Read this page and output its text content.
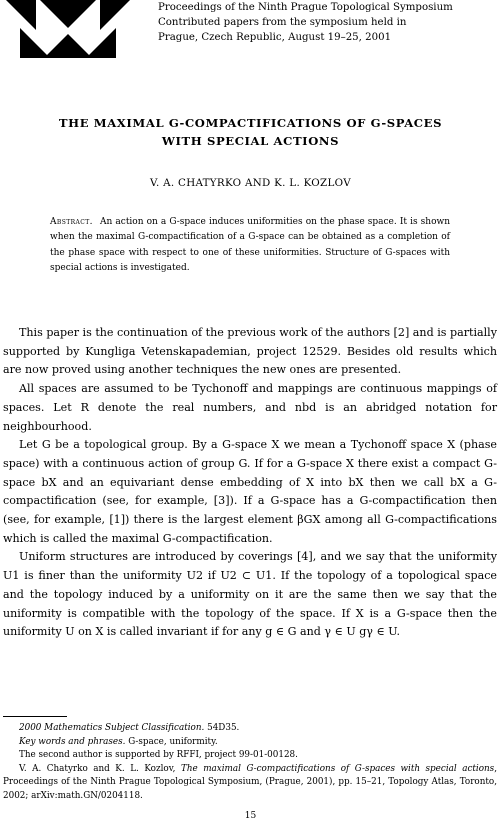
Proceedings of the Ninth Prague Topological Symposium
Contributed papers from the symposium held in
Prague, Czech Republic, August 19–25, 2001
THE MAXIMAL G-COMPACTIFICATIONS OF G-SPACES
WITH SPECIAL ACTIONS
V. A. CHATYRKO AND K. L. KOZLOV
Abstract. An action on a G-space induces uniformities on the phase space. It is shown when the maximal G-compactification of a G-space can be obtained as a completion of the phase space with respect to one of these uniformities. Structure of G-spaces with special actions is investigated.

This paper is the continuation of the previous work of the authors [2] and is partially supported by Kungliga Vetenskapademian, project 12529. Besides old results which are now proved using another techniques the new ones are presented.

All spaces are assumed to be Tychonoff and mappings are continuous mappings of spaces. Let R denote the real numbers, and nbd is an abridged notation for neighbourhood.

Let G be a topological group. By a G-space X we mean a Tychonoff space X (phase space) with a continuous action of group G. If for a G-space X there exist a compact G-space bX and an equivariant dense embedding of X into bX then we call bX a G-compactification (see, for example, [3]). If a G-space has a G-compactification then (see, for example, [1]) there is the largest element βGX among all G-compactifications which is called the maximal G-compactification.

Uniform structures are introduced by coverings [4], and we say that the uniformity U1 is finer than the uniformity U2 if U2 ⊂ U1. If the topology of a topological space and the topology induced by a uniformity on it are the same then we say that the uniformity is compatible with the topology of the space. If X is a G-space then the uniformity U on X is called invariant if for any g ∈ G and γ ∈ U gγ ∈ U.

2000 Mathematics Subject Classification. 54D35.
Key words and phrases. G-space, uniformity.
The second author is supported by RFFI, project 99-01-00128.
V. A. Chatyrko and K. L. Kozlov, The maximal G-compactifications of G-spaces with special actions, Proceedings of the Ninth Prague Topological Symposium, (Prague, 2001), pp. 15–21, Topology Atlas, Toronto, 2002; arXiv:math.GN/0204118.
15
